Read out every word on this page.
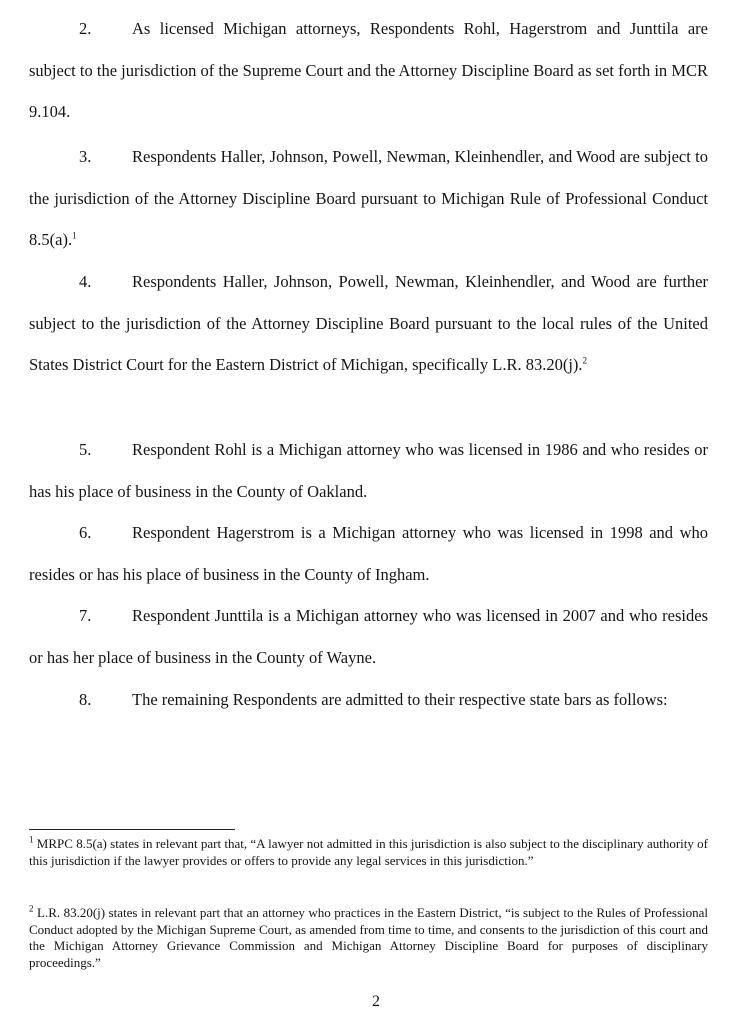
2. As licensed Michigan attorneys, Respondents Rohl, Hagerstrom and Junttila are subject to the jurisdiction of the Supreme Court and the Attorney Discipline Board as set forth in MCR 9.104.

3. Respondents Haller, Johnson, Powell, Newman, Kleinhendler, and Wood are subject to the jurisdiction of the Attorney Discipline Board pursuant to Michigan Rule of Professional Conduct 8.5(a).$^1$

4. Respondents Haller, Johnson, Powell, Newman, Kleinhendler, and Wood are further subject to the jurisdiction of the Attorney Discipline Board pursuant to the local rules of the United States District Court for the Eastern District of Michigan, specifically L.R. 83.20(j).$^2$

5. Respondent Rohl is a Michigan attorney who was licensed in 1986 and who resides or has his place of business in the County of Oakland.

6. Respondent Hagerstrom is a Michigan attorney who was licensed in 1998 and who resides or has his place of business in the County of Ingham.

7. Respondent Junttila is a Michigan attorney who was licensed in 2007 and who resides or has her place of business in the County of Wayne.

8. The remaining Respondents are admitted to their respective state bars as follows:

$^1$ MRPC 8.5(a) states in relevant part that, “A lawyer not admitted in this jurisdiction is also subject to the disciplinary authority of this jurisdiction if the lawyer provides or offers to provide any legal services in this jurisdiction.”

$^2$ L.R. 83.20(j) states in relevant part that an attorney who practices in the Eastern District, “is subject to the Rules of Professional Conduct adopted by the Michigan Supreme Court, as amended from time to time, and consents to the jurisdiction of this court and the Michigan Attorney Grievance Commission and Michigan Attorney Discipline Board for purposes of disciplinary proceedings.”

2
